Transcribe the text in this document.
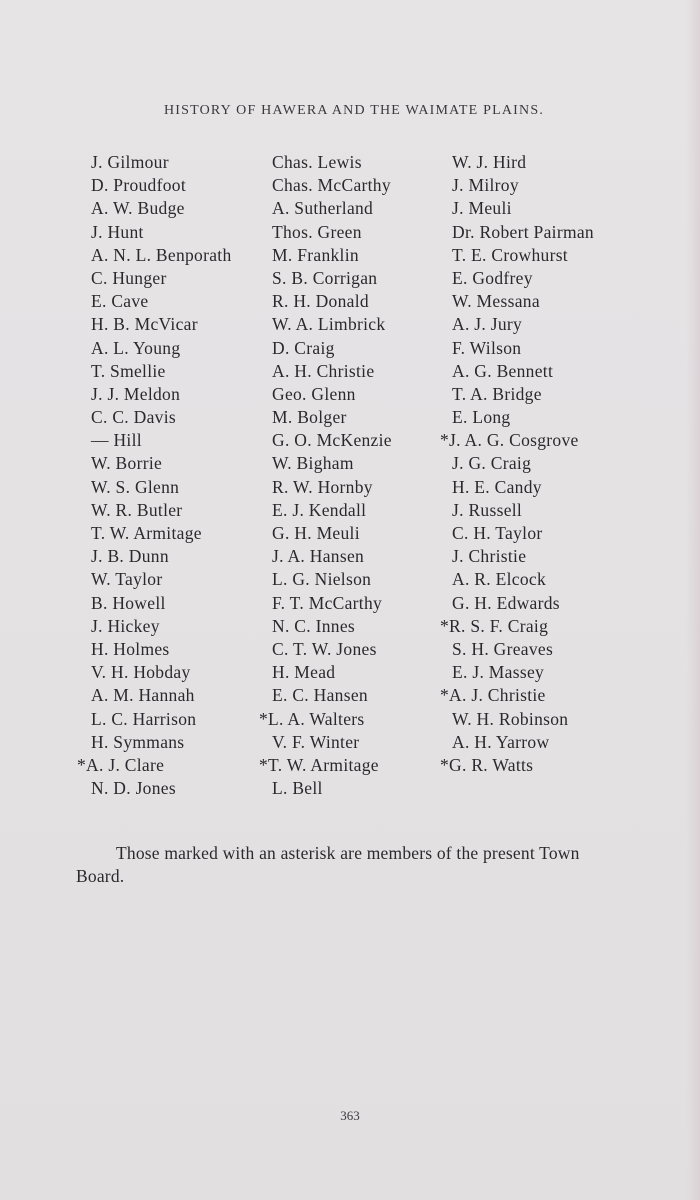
HISTORY OF HAWERA AND THE WAIMATE PLAINS.
J. Gilmour
D. Proudfoot
A. W. Budge
J. Hunt
A. N. L. Benporath
C. Hunger
E. Cave
H. B. McVicar
A. L. Young
T. Smellie
J. J. Meldon
C. C. Davis
— Hill
W. Borrie
W. S. Glenn
W. R. Butler
T. W. Armitage
J. B. Dunn
W. Taylor
B. Howell
J. Hickey
H. Holmes
V. H. Hobday
A. M. Hannah
L. C. Harrison
H. Symmans
*A. J. Clare
N. D. Jones
Chas. Lewis
Chas. McCarthy
A. Sutherland
Thos. Green
M. Franklin
S. B. Corrigan
R. H. Donald
W. A. Limbrick
D. Craig
A. H. Christie
Geo. Glenn
M. Bolger
G. O. McKenzie
W. Bigham
R. W. Hornby
E. J. Kendall
G. H. Meuli
J. A. Hansen
L. G. Nielson
F. T. McCarthy
N. C. Innes
C. T. W. Jones
H. Mead
E. C. Hansen
*L. A. Walters
V. F. Winter
*T. W. Armitage
L. Bell
W. J. Hird
J. Milroy
J. Meuli
Dr. Robert Pairman
T. E. Crowhurst
E. Godfrey
W. Messana
A. J. Jury
F. Wilson
A. G. Bennett
T. A. Bridge
E. Long
*J. A. G. Cosgrove
J. G. Craig
H. E. Candy
J. Russell
C. H. Taylor
J. Christie
A. R. Elcock
G. H. Edwards
*R. S. F. Craig
S. H. Greaves
E. J. Massey
*A. J. Christie
W. H. Robinson
A. H. Yarrow
*G. R. Watts

Those marked with an asterisk are members of the present Town Board.

363
